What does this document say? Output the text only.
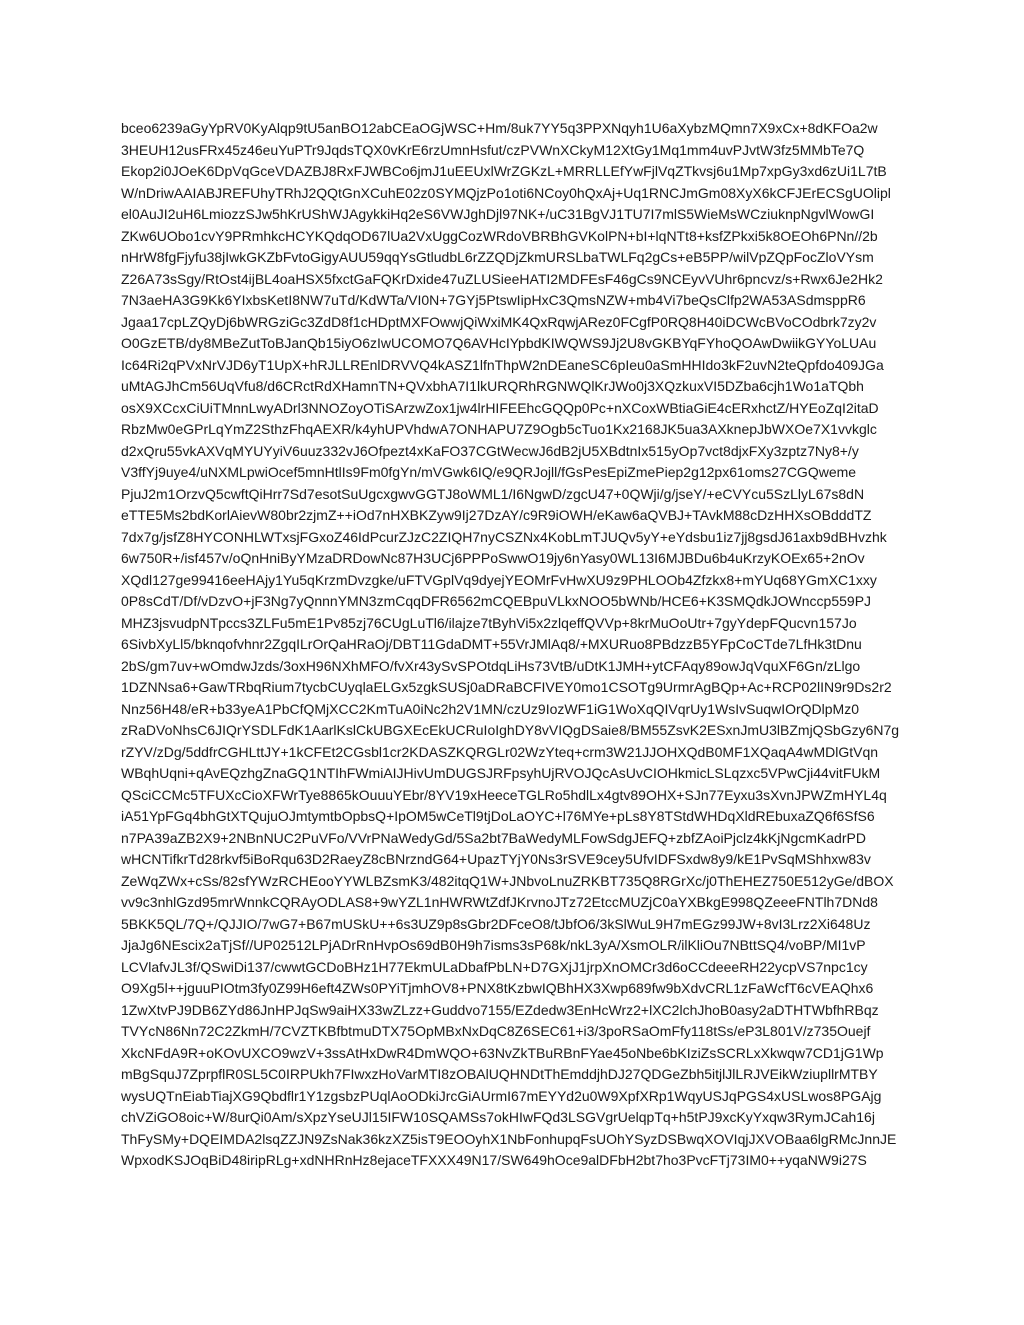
bceo6239aGyYpRV0KyAlqp9tU5anBO12abCEaOGjWSC+Hm/8uk7YY5q3PPXNqyh1U6aXybzMQmn7X9xCx+8dKFOa2w
3HEUH12usFRx45z46euYuPTr9JqdsTQX0vKrE6rzUmnHsfut/czPVWnXCkyM12XtGy1Mq1mm4uvPJvtW3fz5MMbTe7Q
Ekop2i0JOeK6DpVqGceVDAZBJ8RxFJWBCo6jmJ1uEEUxlWrZGKzL+MRRLLEfYwFjlVqZTkvsj6u1Mp7xpGy3xd6zUi1L7tB
W/nDriwAAIABJREFUhyTRhJ2QQtGnXCuhE02z0SYMQjzPo1oti6NCoy0hQxAj+Uq1RNCJmGm08XyX6kCFJErECSgUOlipl
el0AuJI2uH6LmiozzSJw5hKrUShWJAgykkiHq2eS6VWJghDjl97NK+/uC31BgVJ1TU7I7mlS5WieMsWCziuknpNgvlWowGI
ZKw6UObo1cvY9PRmhkcHCYKQdqOD67lUa2VxUggCozWRdoVBRBhGVKolPN+bI+lqNTt8+ksfZPkxi5k8OEOh6PNn//2b
nHrW8fgFjyfu38jIwkGKZbFvtoGigyAUU59qqYsGtludbL6rZZQDjZkmURSLbaTWLFq2gCs+eB5PP/wilVpZQpFocZloVYsm
Z26A73sSgy/RtOst4ijBL4oaHSX5fxctGaFQKrDxide47uZLUSieeHATI2MDFEsF46gCs9NCEyvVUhr6pncvz/s+Rwx6Je2Hk2
7N3aeHA3G9Kk6YIxbsKetI8NW7uTd/KdWTa/VI0N+7GYj5PtswIipHxC3QmsNZW+mb4Vi7beQsClfp2WA53ASdmsppR6
Jgaa17cpLZQyDj6bWRGziGc3ZdD8f1cHDptMXFOwwjQiWxiMK4QxRqwjARez0FCgfP0RQ8H40iDCWcBVoCOdbrk7zy2v
O0GzETB/dy8MBeZutToBJanQb15iyO6zIwUCOMO7Q6AVHcIYpbdKIWQWS9Jj2U8vGKBYqFYhoQOAwDwiikGYYoLUAu
Ic64Ri2qPVxNrVJD6yT1UpX+hRJLLREnlDRVVQ4kASZ1lfnThpW2nDEaneSC6pIeu0aSmHHIdo3kF2uvN2teQpfdo409JGa
uMtAGJhCm56UqVfu8/d6CRctRdXHamnTN+QVxbhA7I1lkURQRhRGNWQlKrJWo0j3XQzkuxVI5DZba6cjh1Wo1aTQbh
osX9XCcxCiUiTMnnLwyADrl3NNOZoyOTiSArzwZox1jw4lrHIFEEhcGQQp0Pc+nXCoxWBtiaGiE4cERxhctZ/HYEoZqI2itaD
RbzMw0eGPrLqYmZ2SthzFhqAEXR/k4yhUPVhdwA7ONHAPU7Z9Ogb5cTuo1Kx2168JK5ua3AXknepJbWXOe7X1vvkglc
d2xQru55vkAXVqMYUYyiV6uuz332vJ6Ofpezt4xKaFO37CGtWecwJ6dB2jU5XBdtnIx515yOp7vct8djxFXy3zptz7Ny8+/y
V3ffYj9uye4/uNXMLpwiOcef5mnHtlIs9Fm0fgYn/mVGwk6IQ/e9QRJojll/fGsPesEpiZmePiep2g12px61oms27CGQweme
PjuJ2m1OrzvQ5cwftQiHrr7Sd7esotSuUgcxgwvGGTJ8oWML1/I6NgwD/zgcU47+0QWji/g/jseY/+eCVYcu5SzLlyL67s8dN
eTTE5Ms2bdKorlAievW80br2zjmZ++iOd7nHXBKZyw9Ij27DzAY/c9R9iOWH/eKaw6aQVBJ+TAvkM88cDzHHXsOBdddTZ
7dx7g/jsfZ8HYCONHLWTxsjFGxoZ46IdPcurZJzC2ZIQH7nyCSZNx4KobLmTJUQv5yY+eYdsbu1iz7jj8gsdJ61axb9dBHvzhk
6w750R+/isf457v/oQnHniByYMzaDRDowNc87H3UCj6PPPoSwwO19jy6nYasy0WL13I6MJBDu6b4uKrzyKOEx65+2nOv
XQdl127ge99416eeHAjy1Yu5qKrzmDvzgke/uFTVGplVq9dyejYEOMrFvHwXU9z9PHLOOb4Zfzkx8+mYUq68YGmXC1xxy
0P8sCdT/Df/vDzvO+jF3Ng7yQnnnYMN3zmCqqDFR6562mCQEBpuVLkxNOO5bWNb/HCE6+K3SMQdkJOWnccp559PJ
MHZ3jsvudpNTpccs3ZLFu5mE1Pv85zj76CUgLuTl6/ilajze7tByhVi5x2zlqeffQVVp+8krMuOoUtr+7gyYdepFQucvn157Jo
6SivbXyLl5/bknqofvhnr2ZgqILrOrQaHRaOj/DBT11GdaDMT+55VrJMlAq8/+MXURuo8PBdzzB5YFpCoCTde7LfHk3tDnu
2bS/gm7uv+wOmdwJzds/3oxH96NXhMFO/fvXr43ySvSPOtdqLiHs73VtB/uDtK1JMH+ytCFAqy89owJqVquXF6Gn/zLlgo
1DZNNsa6+GawTRbqRium7tycbCUyqlaELGx5zgkSUSj0aDRaBCFIVEY0mo1CSOTg9UrmrAgBQp+Ac+RCP02lIN9r9Ds2r2
Nnz56H48/eR+b33yeA1PbCfQMjXCC2KmTuA0iNc2h2V1MN/czUz9IozWF1iG1WoXqQIVqrUy1WsIvSuqwIOrQDlpMz0
zRaDVoNhsC6JIQrYSDLFdK1AarlKslCkUBGXEcEkUCRuIoIghDY8vVIQgDSaie8/BM55ZsvK2ESxnJmU3lBZmjQSbGzy6N7g
rZYV/zDg/5ddfrCGHLttJY+1kCFEt2CGsbl1cr2KDASZKQRGLr02WzYteq+crm3W21JJOHXQdB0MF1XQaqA4wMDlGtVqn
WBqhUqni+qAvEQzhgZnaGQ1NTIhFWmiAIJHivUmDUGSJRFpsyhUjRVOJQcAsUvCIOHkmicLSLqzxc5VPwCji44vitFUkM
QSciCCMc5TFUXcCioXFWrTye8865kOuuuYEbr/8YV19xHeeceTGLRo5hdlLx4gtv89OHX+SJn77Eyxu3sXvnJPWZmHYL4q
iA51YpFGq4bhGtXTQujuOJmtymtbOpbsQ+IpOM5wCeTl9tjDoLaOYC+l76MYe+pLs8Y8TStdWHDqXldREbuxaZQ6f6SfS6
n7PA39aZB2X9+2NBnNUC2PuVFo/VVrPNaWedyGd/5Sa2bt7BaWedyMLFowSdgJEFQ+zbfZAoiPjclz4kKjNgcmKadrPD
wHCNTifkrTd28rkvf5iBoRqu63D2RaeyZ8cBNrzndG64+UpazTYjY0Ns3rSVE9cey5UfvIDFSxdw8y9/kE1PvSqMShhxw83v
ZeWqZWx+cSs/82sfYWzRCHEooYYWLBZsmK3/482itqQ1W+JNbvoLnuZRKBT735Q8RGrXc/j0ThEHEZ750E512yGe/dBOX
vv9c3nhlGzd95mrWnnkCQRAyODLAS8+9wYZL1nHWRWtZdfJKrvnoJTz72EtccMUZjC0aYXBkgE998QZeeeFNTlh7DNd8
5BKK5QL/7Q+/QJJIO/7wG7+B67mUSkU++6s3UZ9p8sGbr2DFceO8/tJbfO6/3kSlWuL9H7mEGz99JW+8vI3Lrz2Xi648Uz
JjaJg6NEscix2aTjSf//UP02512LPjADrRnHvpOs69dB0H9h7isms3sP68k/nkL3yA/XsmOLR/ilKliOu7NBttSQ4/voBP/MI1vP
LCVlafvJL3f/QSwiDi137/cwwtGCDoBHz1H77EkmULaDbafPbLN+D7GXjJ1jrpXnOMCr3d6oCCdeeeRH22ycpVS7npc1cy
O9Xg5l++jguuPIOtm3fy0Z99H6eft4ZWs0PYiTjmhOV8+PNX8tKzbwIQBhHX3Xwp689fw9bXdvCRL1zFaWcfT6cVEAQhx6
1ZwXtvPJ9DB6ZYd86JnHPJqSw9aiHX33wZLzz+Guddvo7155/EZdedw3EnHcWrz2+lXC2lchJhoB0asy2aDTHTWbfhRBqz
TVYcN86Nn72C2ZkmH/7CVZTKBfbtmuDTX75OpMBxNxDqC8Z6SEC61+i3/3poRSaOmFfy118tSs/eP3L801V/z735Ouejf
XkcNFdA9R+oKOvUXCO9wzV+3ssAtHxDwR4DmWQO+63NvZkTBuRBnFYae45oNbe6bKIziZsSCRLxXkwqw7CD1jG1Wp
mBgSquJ7ZprpflR0SL5C0IRPUkh7FIwxzHoVarMTI8zOBAlUQHNDtThEmddjhDJ27QDGeZbh5itjlJlLRJVEikWziupllrMTBY
wysUQTnEiabTiajXG9Qbdflr1Y1zgsbzPUqlAoODkiJrcGiAUrmI67mEYYd2u0W9XpfXRp1WqyUSJqPGS4xUSLwos8PGAjg
chVZiGO8oic+W/8urQi0Am/sXpzYseUJl15IFW10SQAMSs7okHIwFQd3LSGVgrUelqpTq+h5tPJ9xcKyYxqw3RymJCah16j
ThFySMy+DQEIMDA2lsqZZJN9ZsNak36kzXZ5isT9EOOyhX1NbFonhupqFsUOhYSyzDSBwqXOVIqjJXVOBaa6lgRMcJnnJE
WpxodKSJOqBiD48iripRLg+xdNHRnHz8ejaceTFXXX49N17/SW649hOce9alDFbH2bt7ho3PvcFTj73IM0++yqaNW9i27S
